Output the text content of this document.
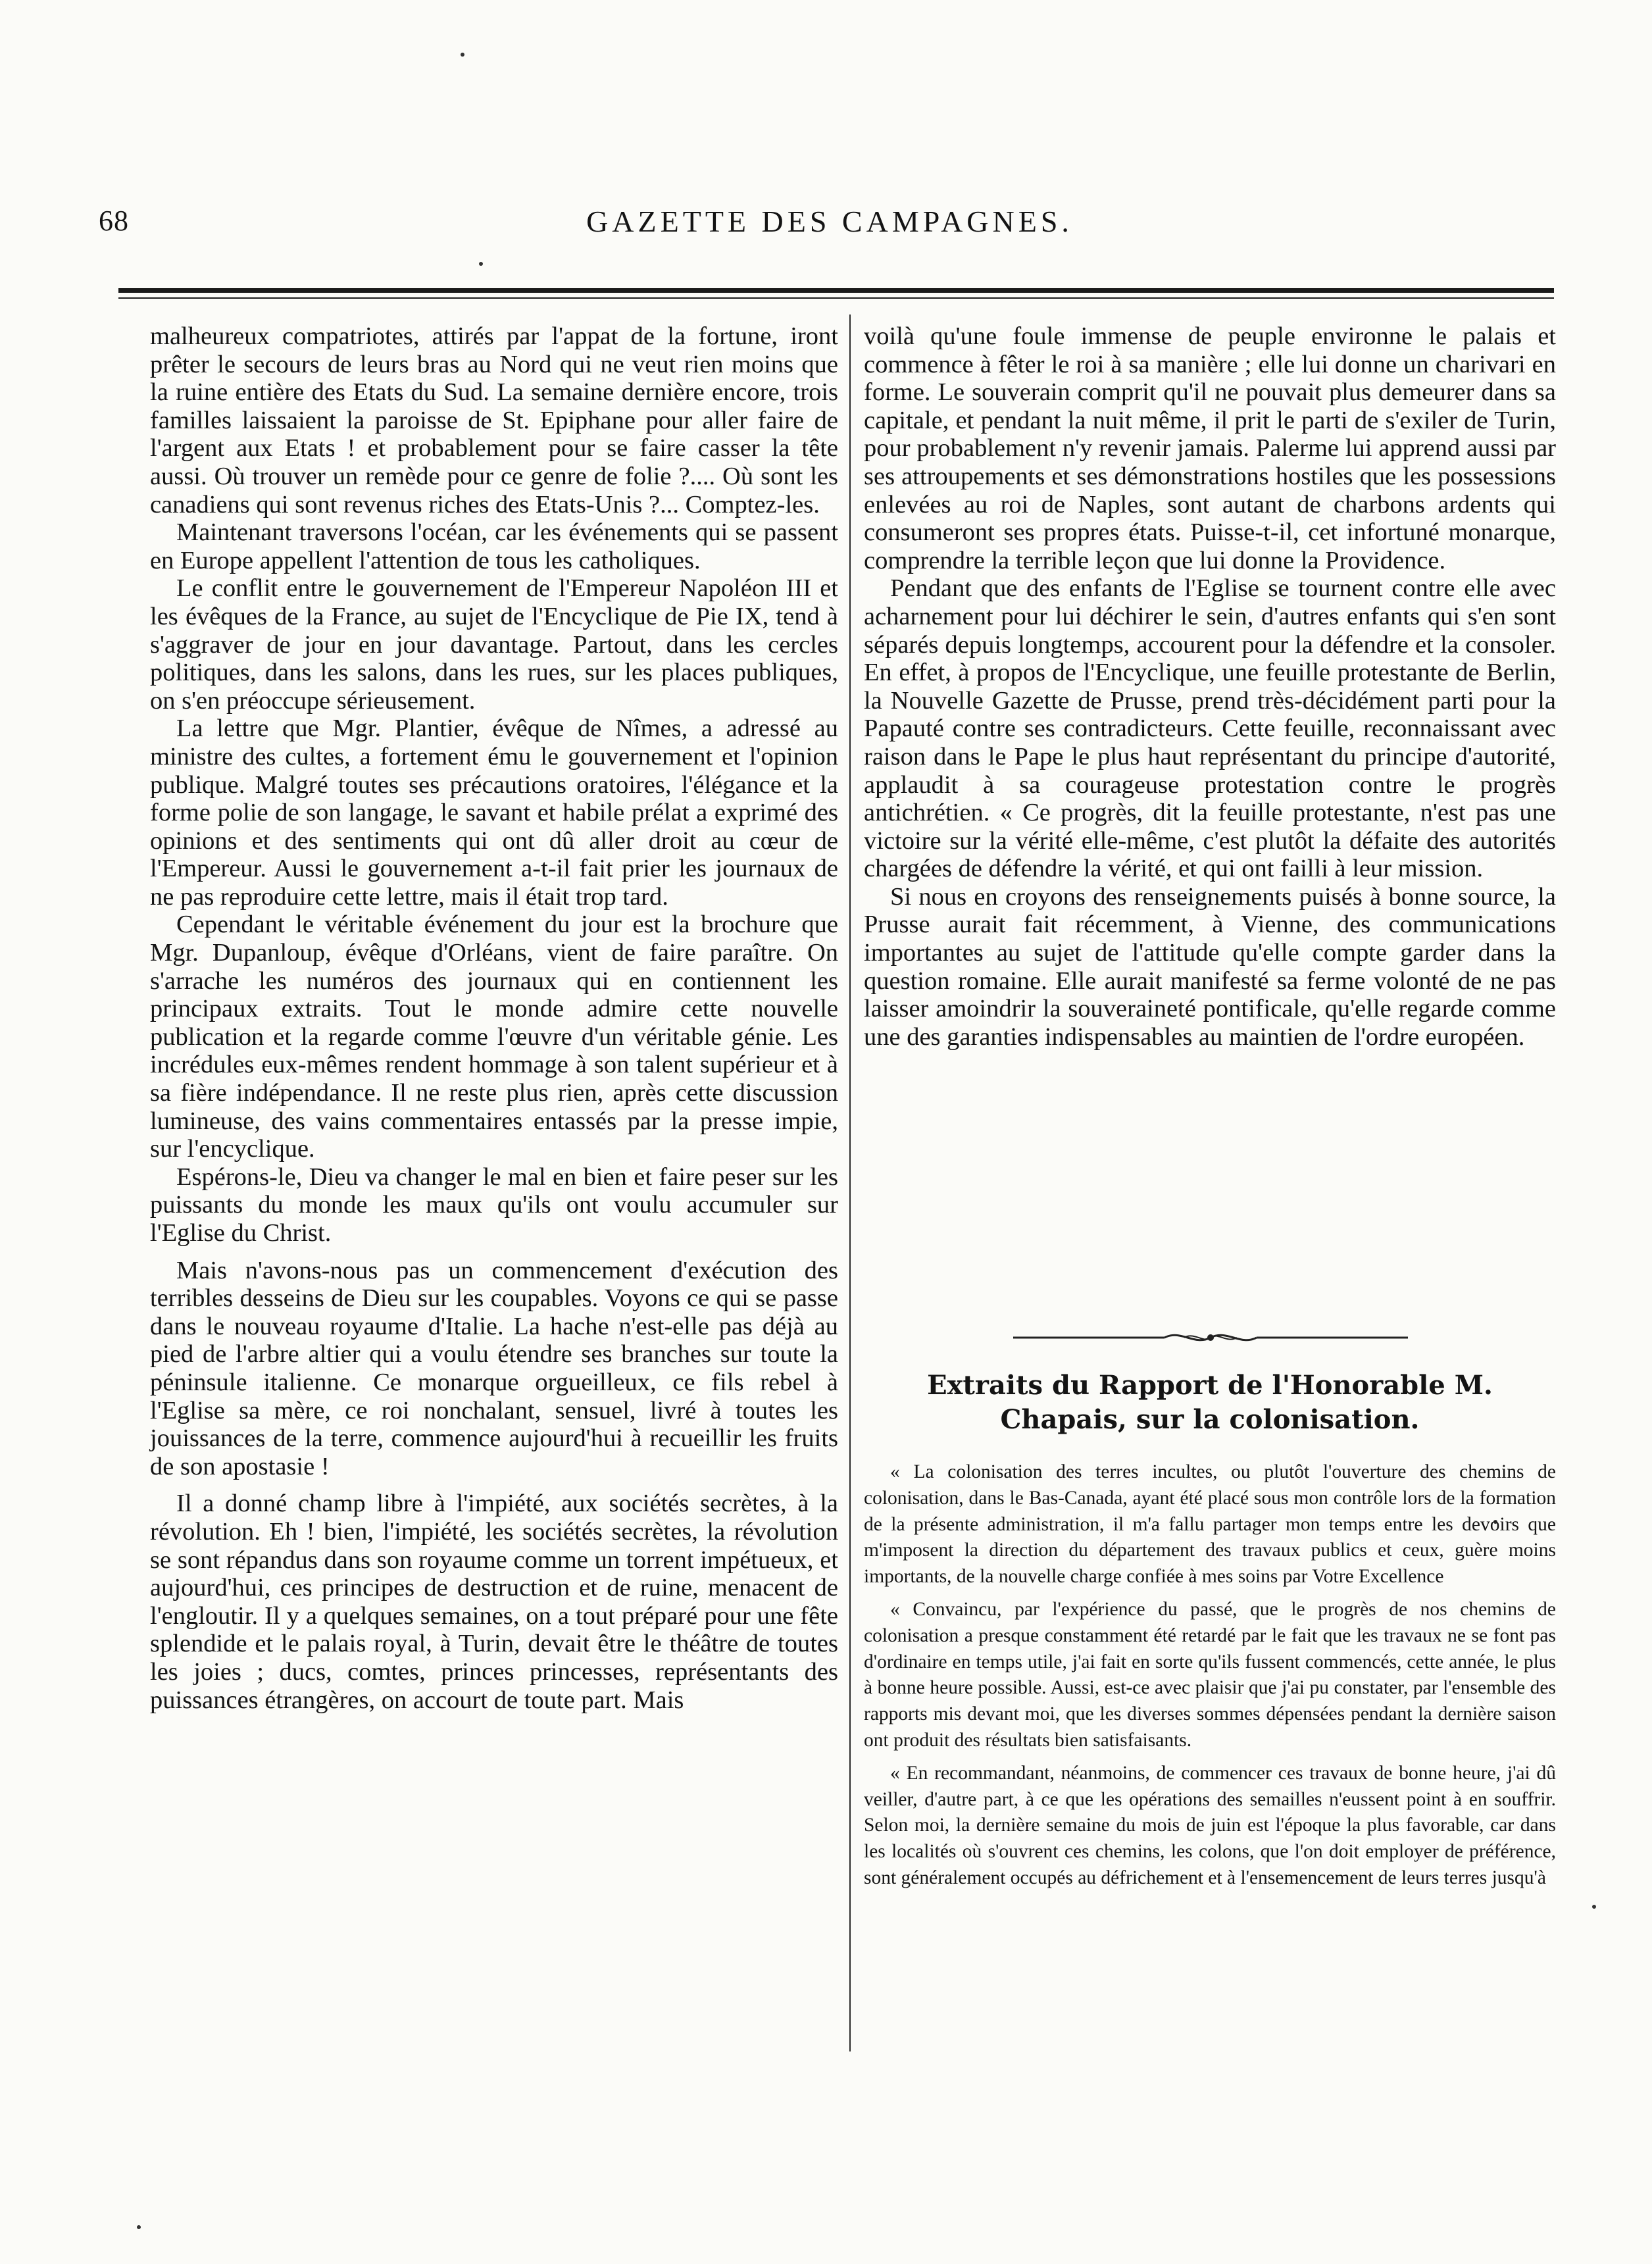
68	GAZETTE DES CAMPAGNES.

malheureux compatriotes, attirés par l'appat de la fortune, iront prêter le secours de leurs bras au Nord qui ne veut rien moins que la ruine entière des Etats du Sud. La semaine dernière encore, trois familles laissaient la paroisse de St. Epiphane pour aller faire de l'argent aux Etats ! et probablement pour se faire casser la tête aussi. Où trouver un remède pour ce genre de folie ?.... Où sont les canadiens qui sont revenus riches des Etats-Unis ?... Comptez-les.

Maintenant traversons l'océan, car les événements qui se passent en Europe appellent l'attention de tous les catholiques.

Le conflit entre le gouvernement de l'Empereur Napoléon III et les évêques de la France, au sujet de l'Encyclique de Pie IX, tend à s'aggraver de jour en jour davantage. Partout, dans les cercles politiques, dans les salons, dans les rues, sur les places publiques, on s'en préoccupe sérieusement.

La lettre que Mgr. Plantier, évêque de Nîmes, a adressé au ministre des cultes, a fortement ému le gouvernement et l'opinion publique. Malgré toutes ses précautions oratoires, l'élégance et la forme polie de son langage, le savant et habile prélat a exprimé des opinions et des sentiments qui ont dû aller droit au cœur de l'Empereur. Aussi le gouvernement a-t-il fait prier les journaux de ne pas reproduire cette lettre, mais il était trop tard.

Cependant le véritable événement du jour est la brochure que Mgr. Dupanloup, évêque d'Orléans, vient de faire paraître. On s'arrache les numéros des journaux qui en contiennent les principaux extraits. Tout le monde admire cette nouvelle publication et la regarde comme l'œuvre d'un véritable génie. Les incrédules eux-mêmes rendent hommage à son talent supérieur et à sa fière indépendance. Il ne reste plus rien, après cette discussion lumineuse, des vains commentaires entassés par la presse impie, sur l'encyclique.

Espérons-le, Dieu va changer le mal en bien et faire peser sur les puissants du monde les maux qu'ils ont voulu accumuler sur l'Eglise du Christ.

Mais n'avons-nous pas un commencement d'exécution des terribles desseins de Dieu sur les coupables. Voyons ce qui se passe dans le nouveau royaume d'Italie. La hache n'est-elle pas déjà au pied de l'arbre altier qui a voulu étendre ses branches sur toute la péninsule italienne. Ce monarque orgueilleux, ce fils rebel à l'Eglise sa mère, ce roi nonchalant, sensuel, livré à toutes les jouissances de la terre, commence aujourd'hui à recueillir les fruits de son apostasie !

Il a donné champ libre à l'impiété, aux sociétés secrètes, à la révolution. Eh ! bien, l'impiété, les sociétés secrètes, la révolution se sont répandus dans son royaume comme un torrent impétueux, et aujourd'hui, ces principes de destruction et de ruine, menacent de l'engloutir. Il y a quelques semaines, on a tout préparé pour une fête splendide et le palais royal, à Turin, devait être le théâtre de toutes les joies ; ducs, comtes, princes princesses, représentants des puissances étrangères, on accourt de toute part. Mais

voilà qu'une foule immense de peuple environne le palais et commence à fêter le roi à sa manière ; elle lui donne un charivari en forme. Le souverain comprit qu'il ne pouvait plus demeurer dans sa capitale, et pendant la nuit même, il prit le parti de s'exiler de Turin, pour probablement n'y revenir jamais. Palerme lui apprend aussi par ses attroupements et ses démonstrations hostiles que les possessions enlevées au roi de Naples, sont autant de charbons ardents qui consumeront ses propres états. Puisse-t-il, cet infortuné monarque, comprendre la terrible leçon que lui donne la Providence.

Pendant que des enfants de l'Eglise se tournent contre elle avec acharnement pour lui déchirer le sein, d'autres enfants qui s'en sont séparés depuis longtemps, accourent pour la défendre et la consoler. En effet, à propos de l'Encyclique, une feuille protestante de Berlin, la Nouvelle Gazette de Prusse, prend très-décidément parti pour la Papauté contre ses contradicteurs. Cette feuille, reconnaissant avec raison dans le Pape le plus haut représentant du principe d'autorité, applaudit à sa courageuse protestation contre le progrès antichrétien. « Ce progrès, dit la feuille protestante, n'est pas une victoire sur la vérité elle-même, c'est plutôt la défaite des autorités chargées de défendre la vérité, et qui ont failli à leur mission.

Si nous en croyons des renseignements puisés à bonne source, la Prusse aurait fait récemment, à Vienne, des communications importantes au sujet de l'attitude qu'elle compte garder dans la question romaine. Elle aurait manifesté sa ferme volonté de ne pas laisser amoindrir la souveraineté pontificale, qu'elle regarde comme une des garanties indispensables au maintien de l'ordre européen.

Extraits du Rapport de l'Honorable M. Chapais, sur la colonisation.

« La colonisation des terres incultes, ou plutôt l'ouverture des chemins de colonisation, dans le Bas-Canada, ayant été placé sous mon contrôle lors de la formation de la présente administration, il m'a fallu partager mon temps entre les devoirs que m'imposent la direction du département des travaux publics et ceux, guère moins importants, de la nouvelle charge confiée à mes soins par Votre Excellence

« Convaincu, par l'expérience du passé, que le progrès de nos chemins de colonisation a presque constamment été retardé par le fait que les travaux ne se font pas d'ordinaire en temps utile, j'ai fait en sorte qu'ils fussent commencés, cette année, le plus à bonne heure possible. Aussi, est-ce avec plaisir que j'ai pu constater, par l'ensemble des rapports mis devant moi, que les diverses sommes dépensées pendant la dernière saison ont produit des résultats bien satisfaisants.

« En recommandant, néanmoins, de commencer ces travaux de bonne heure, j'ai dû veiller, d'autre part, à ce que les opérations des semailles n'eussent point à en souffrir. Selon moi, la dernière semaine du mois de juin est l'époque la plus favorable, car dans les localités où s'ouvrent ces chemins, les colons, que l'on doit employer de préférence, sont généralement occupés au défrichement et à l'ensemencement de leurs terres jusqu'à
